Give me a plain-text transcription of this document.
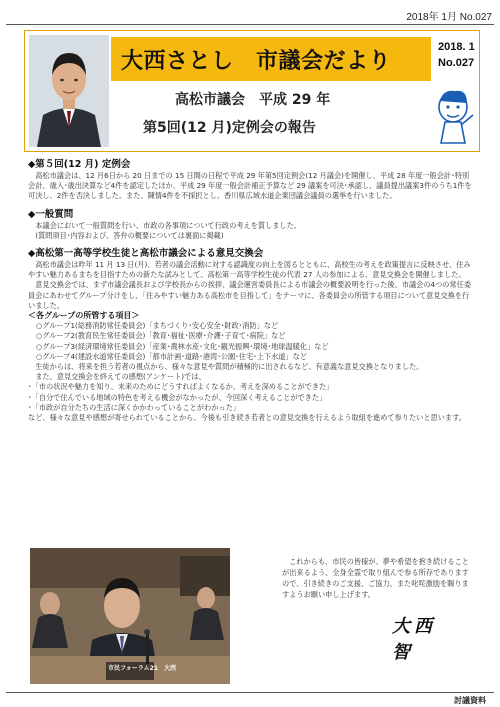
2018年 1月 No.027
大西さとし　市議会だより
2018. 1
No.027
高松市議会　平成 29 年
第5回(12 月)定例会の報告
◆第５回(12 月) 定例会

高松市議会は、12 月6日から 20 日までの 15 日間の日程で平成 29 年第5回定例会(12 月議会)を開催し、平成 28 年度一般会計･特別会計、歳入･歳出決算など4件を認定したほか、平成 29 年度一般会計補正予算など 29 議案を可決･承認し、議員提出議案3件のうち1件を可決し、2件を否決しました。また、陳情4件を不採択とし、香川県広域水道企業団議会議員の選挙を行いました。

◆一般質問

本議会において一般質問を行い、市政の各事項について行政の考えを質しました。

(質問項目･内容および、答弁の概要については裏面に掲載)

◆高松第一高等学校生徒と高松市議会による意見交換会

高松市議会は昨年 11 月 13 日(月)、若者の議会活動に対する認識度の向上を図るとともに、高校生の考えを政策提言に反映させ、住みやすい魅力あるまちを目指すための新たな試みとして、高松第一高等学校生徒の代表 27 人の参加による、意見交換会を開催しました。

意見交換会では、まず市議会議長および学校長からの挨拶、議会運営委員長による市議会の概要説明を行った後、市議会の4つの常任委員会にあわせてグループ分けをし、「住みやすい魅力ある高松市を目指して」をテーマに、各委員会の所管する項目について意見交換を行いました。

＜各グループの所管する項目＞
○グループ1(総務消防常任委員会)「まちづくり･安心安全･財政･消防」など
○グループ2(教育民生常任委員会)「教育･福祉･医療･介護･子育て･病院」など
○グループ3(経済環境常任委員会)「産業･農林水産･文化･観光振興･環境･地球温暖化」など
○グループ4(建設水道常任委員会)「都市計画･道路･港湾･公園･住宅･上下水道」など

生徒からは、将来を担う若者の視点から、様々な意見や質問が積極的に出されるなど、有意義な意見交換となりました。

また、意見交換会を終えての感想(アンケート)では、

･「市の状況や魅力を知り、未来のためにどうすればよくなるか、考えを深めることができた」
･「自分で住んでいる地域の特色を考える機会がなかったが、今回深く考えることができた」
･「市政が自分たちの生活に深くかかわっていることがわかった」
など、様々な意見や感想が寄せられていることから、今後も引き続き若者との意見交換を行えるよう取組を進めて参りたいと思います。
市民フォーラム21　大西
これからも、市民の皆様が、夢や希望を抱き続けることが出来るよう、全身全霊で取り組んで参る所存でありますので、引き続きのご支援、ご協力、また叱咤激励を賜りますようお願い申し上げます。
大西 智
討議資料
